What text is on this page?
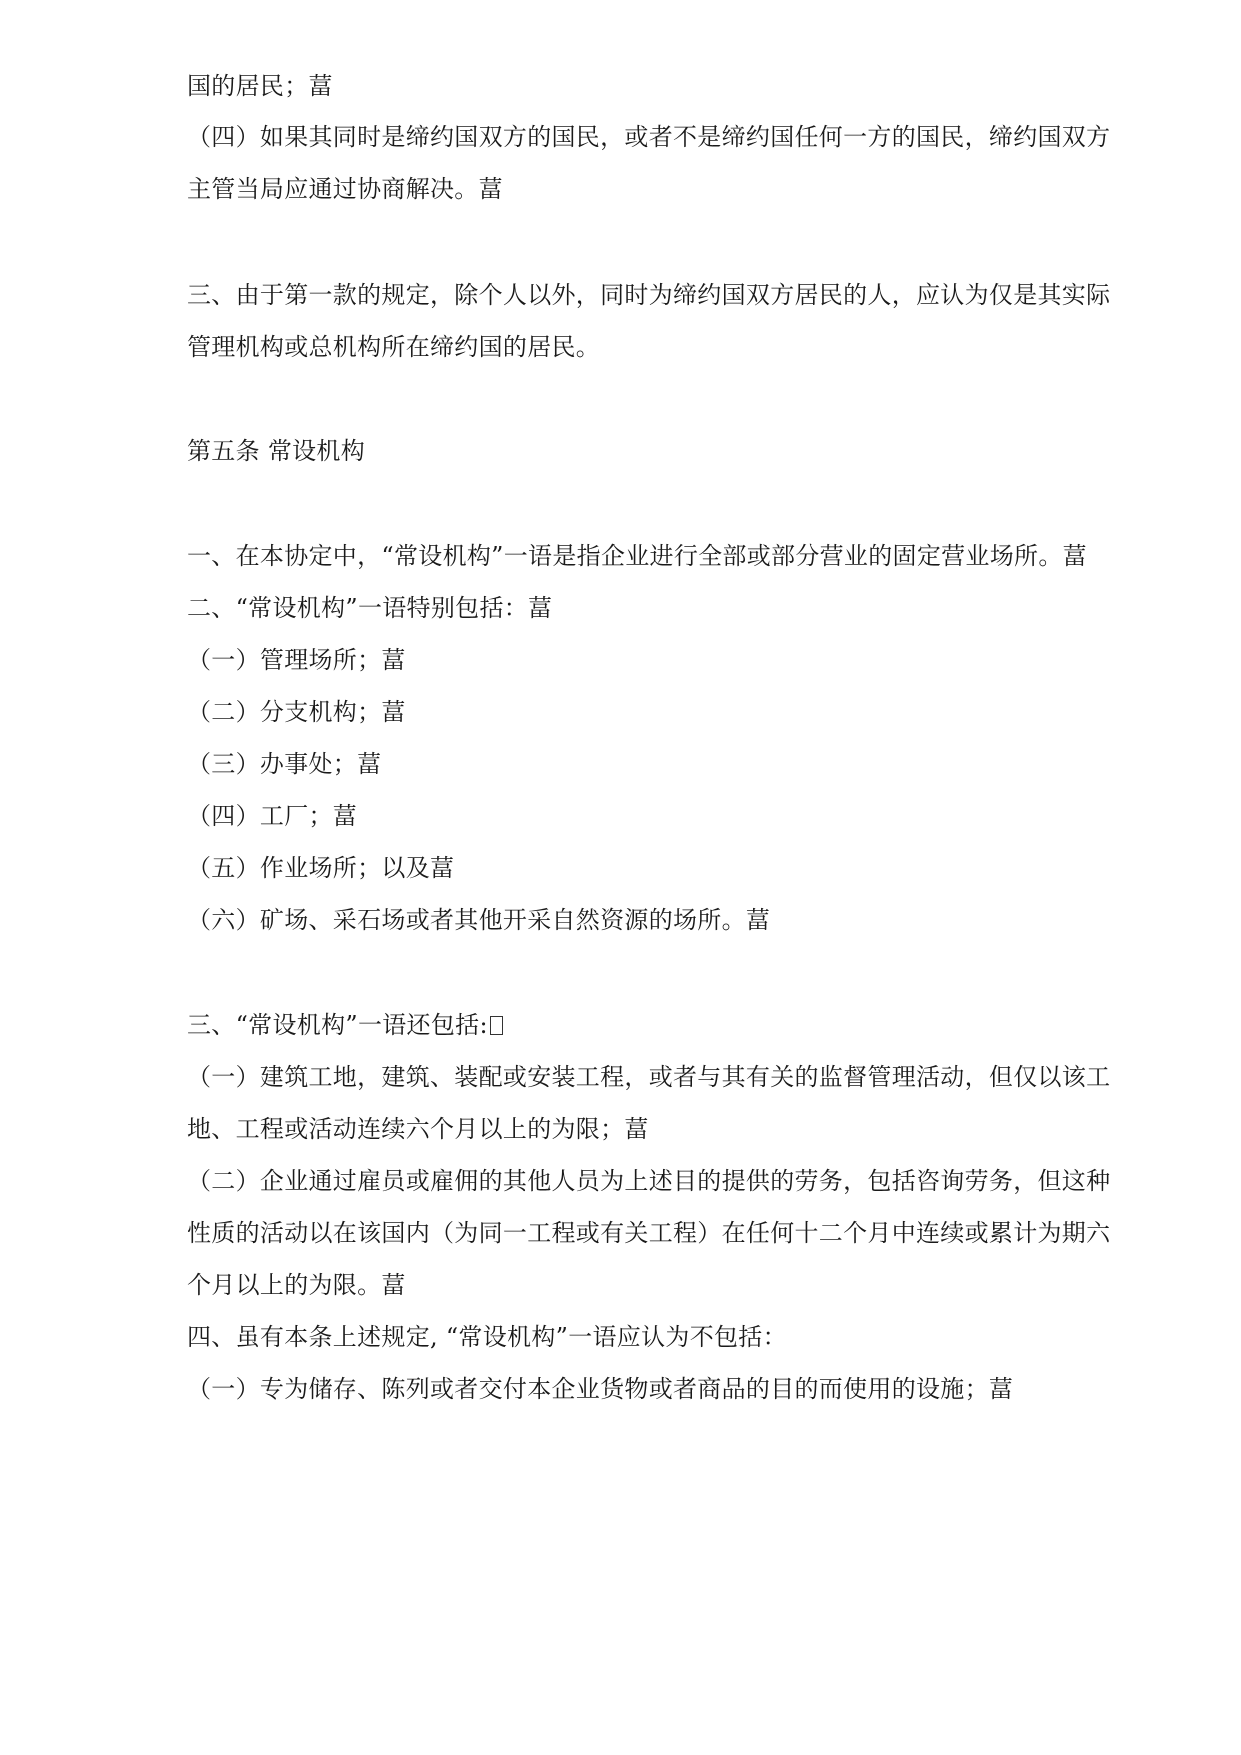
国的居民；葍
（四）如果其同时是缔约国双方的国民，或者不是缔约国任何一方的国民，缔约国双方
主管当局应通过协商解决。葍
三、由于第一款的规定，除个人以外，同时为缔约国双方居民的人，应认为仅是其实际
管理机构或总机构所在缔约国的居民。
第五条 常设机构
一、在本协定中，“常设机构”一语是指企业进行全部或部分营业的固定营业场所。葍
二、“常设机构”一语特别包括：葍
（一）管理场所；葍
（二）分支机构；葍
（三）办事处；葍
（四）工厂；葍
（五）作业场所；以及葍
（六）矿场、采石场或者其他开采自然资源的场所。葍
三、“常设机构”一语还包括:
（一）建筑工地，建筑、装配或安装工程，或者与其有关的监督管理活动，但仅以该工
地、工程或活动连续六个月以上的为限；葍
（二）企业通过雇员或雇佣的其他人员为上述目的提供的劳务，包括咨询劳务，但这种
性质的活动以在该国内（为同一工程或有关工程）在任何十二个月中连续或累计为期六
个月以上的为限。葍
四、虽有本条上述规定, “常设机构”一语应认为不包括：
（一）专为储存、陈列或者交付本企业货物或者商品的目的而使用的设施；葍
